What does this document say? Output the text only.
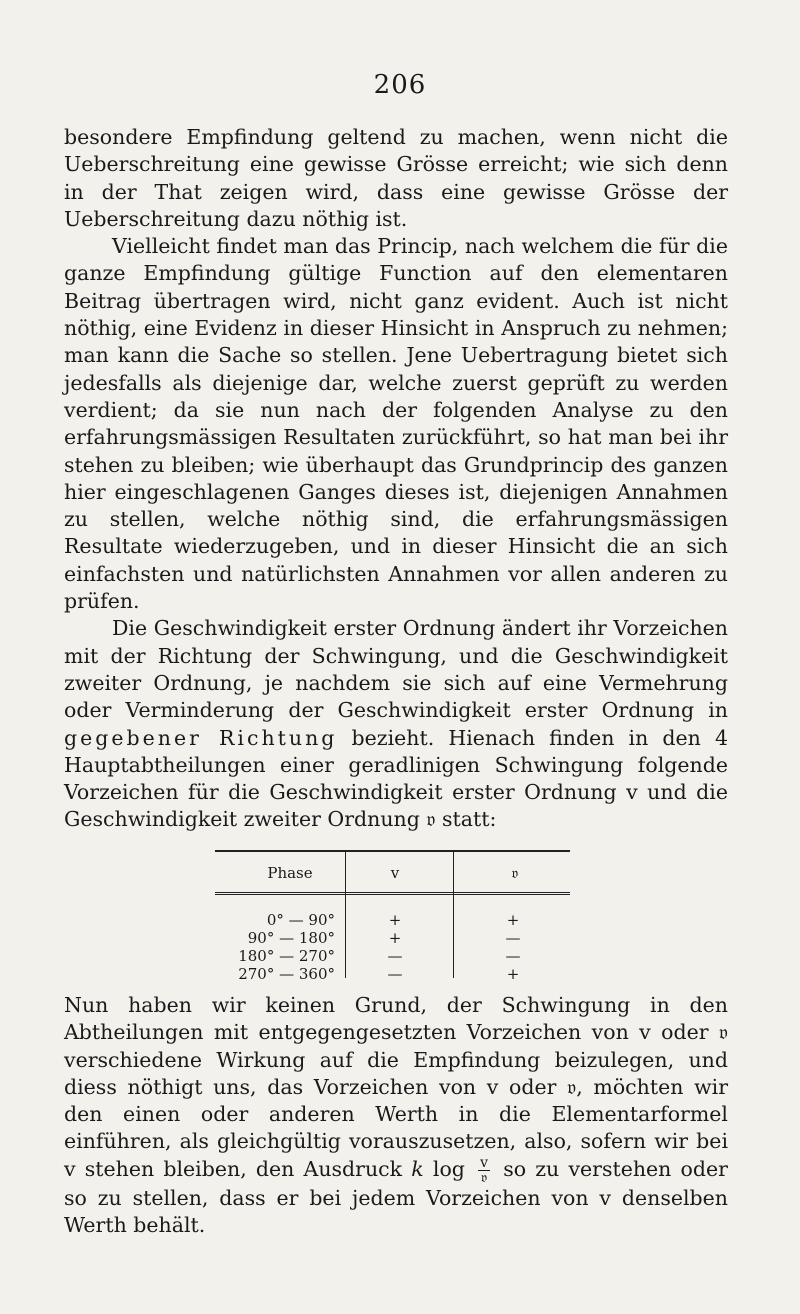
206

besondere Empfindung geltend zu machen, wenn nicht die Ueberschreitung eine gewisse Grösse erreicht; wie sich denn in der That zeigen wird, dass eine gewisse Grösse der Ueberschreitung dazu nöthig ist.

Vielleicht findet man das Princip, nach welchem die für die ganze Empfindung gültige Function auf den elementaren Beitrag übertragen wird, nicht ganz evident. Auch ist nicht nöthig, eine Evidenz in dieser Hinsicht in Anspruch zu nehmen; man kann die Sache so stellen. Jene Uebertragung bietet sich jedesfalls als diejenige dar, welche zuerst geprüft zu werden verdient; da sie nun nach der folgenden Analyse zu den erfahrungsmässigen Resultaten zurückführt, so hat man bei ihr stehen zu bleiben; wie überhaupt das Grundprincip des ganzen hier eingeschlagenen Ganges dieses ist, diejenigen Annahmen zu stellen, welche nöthig sind, die erfahrungsmässigen Resultate wiederzugeben, und in dieser Hinsicht die an sich einfachsten und natürlichsten Annahmen vor allen anderen zu prüfen.

Die Geschwindigkeit erster Ordnung ändert ihr Vorzeichen mit der Richtung der Schwingung, und die Geschwindigkeit zweiter Ordnung, je nachdem sie sich auf eine Vermehrung oder Verminderung der Geschwindigkeit erster Ordnung in gegebener Richtung bezieht. Hienach finden in den 4 Hauptabtheilungen einer geradlinigen Schwingung folgende Vorzeichen für die Geschwindigkeit erster Ordnung v und die Geschwindigkeit zweiter Ordnung 𝔳 statt:

Phase	v	𝔳
0° — 90°	+	+
90° — 180°	+	—
180° — 270°	—	—
270° — 360°	—	+

Nun haben wir keinen Grund, der Schwingung in den Abtheilungen mit entgegengesetzten Vorzeichen von v oder 𝔳 verschiedene Wirkung auf die Empfindung beizulegen, und diess nöthigt uns, das Vorzeichen von v oder 𝔳, möchten wir den einen oder anderen Werth in die Elementarformel einführen, als gleichgültig vorauszusetzen, also, sofern wir bei v stehen bleiben, den Ausdruck k $\log \frac{v}{\text{𝔳}}$ so zu verstehen oder so zu stellen, dass er bei jedem Vorzeichen von v denselben Werth behält.
